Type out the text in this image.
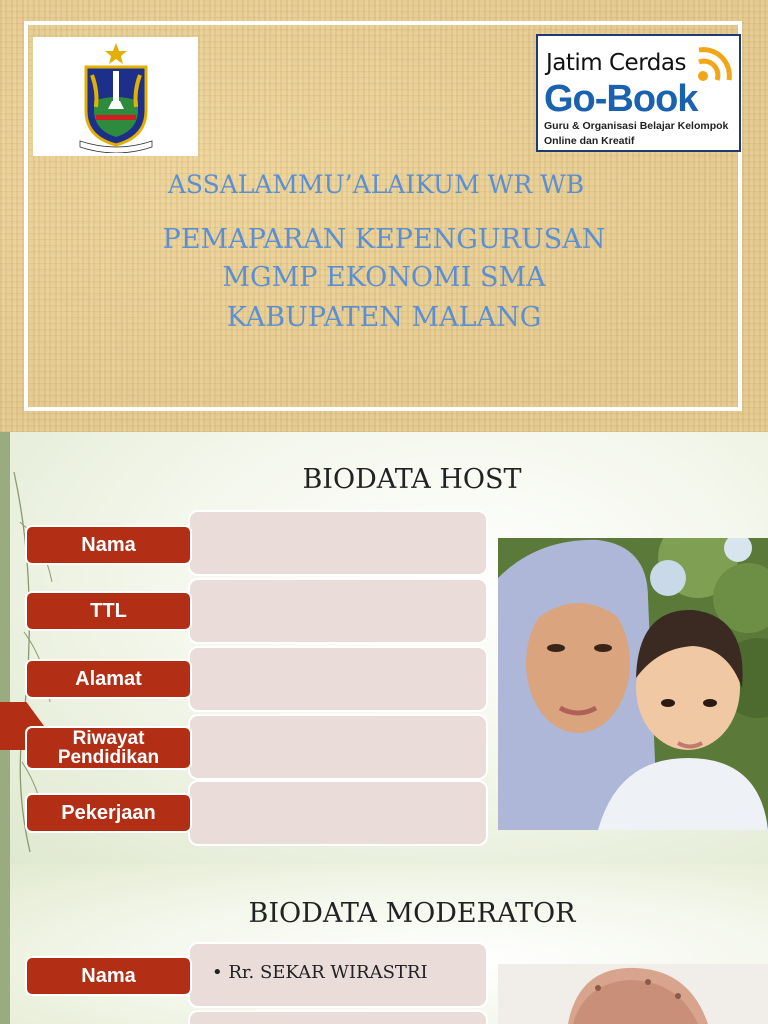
Jatim Cerdas
Go-Book
Guru & Organisasi Belajar Kelompok
Online dan Kreatif
ASSALAMMU’ALAIKUM WR WB
PEMAPARAN KEPENGURUSAN
MGMP EKONOMI SMA
KABUPATEN MALANG
BIODATA HOST
Nama
TTL
Alamat
Riwayat Pendidikan
Pekerjaan
BIODATA MODERATOR
• Rr. SEKAR WIRASTRI
Nama
